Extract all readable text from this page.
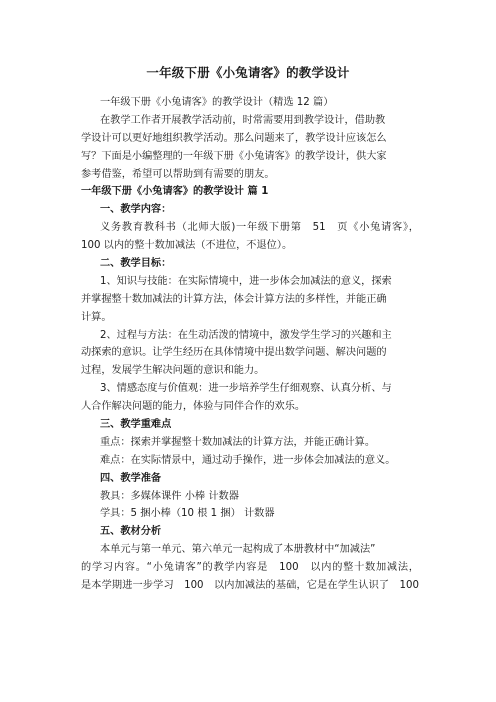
一年级下册《小兔请客》的教学设计
一年级下册《小兔请客》的教学设计（精选 12 篇）
在教学工作者开展教学活动前，时常需要用到教学设计，借助教
学设计可以更好地组织教学活动。那么问题来了，教学设计应该怎么
写？下面是小编整理的一年级下册《小兔请客》的教学设计，供大家
参考借鉴，希望可以帮助到有需要的朋友。
一年级下册《小兔请客》的教学设计 篇 1
一、教学内容：
义务教育教科书（北师大版)一年级下册第　51　页《小兔请客》，
100 以内的整十数加减法（不进位，不退位）。
二、教学目标：
1、知识与技能：在实际情境中，进一步体会加减法的意义，探索
并掌握整十数加减法的计算方法，体会计算方法的多样性，并能正确
计算。
2、过程与方法：在生动活泼的情境中，激发学生学习的兴趣和主
动探索的意识。让学生经历在具体情境中提出数学问题、解决问题的
过程，发展学生解决问题的意识和能力。
3、情感态度与价值观：进一步培养学生仔细观察、认真分析、与
人合作解决问题的能力，体验与同伴合作的欢乐。
三、教学重难点
重点：探索并掌握整十数加减法的计算方法，并能正确计算。
难点：在实际情景中，通过动手操作，进一步体会加减法的意义。
四、教学准备
教具：多媒体课件 小棒 计数器
学具：5 捆小棒（10 根 1 捆） 计数器
五、教材分析
本单元与第一单元、第六单元一起构成了本册教材中“加减法”
的学习内容。“小兔请客”的教学内容是　100　以内的整十数加减法，
是本学期进一步学习　100　以内加减法的基础，它是在学生认识了　100
